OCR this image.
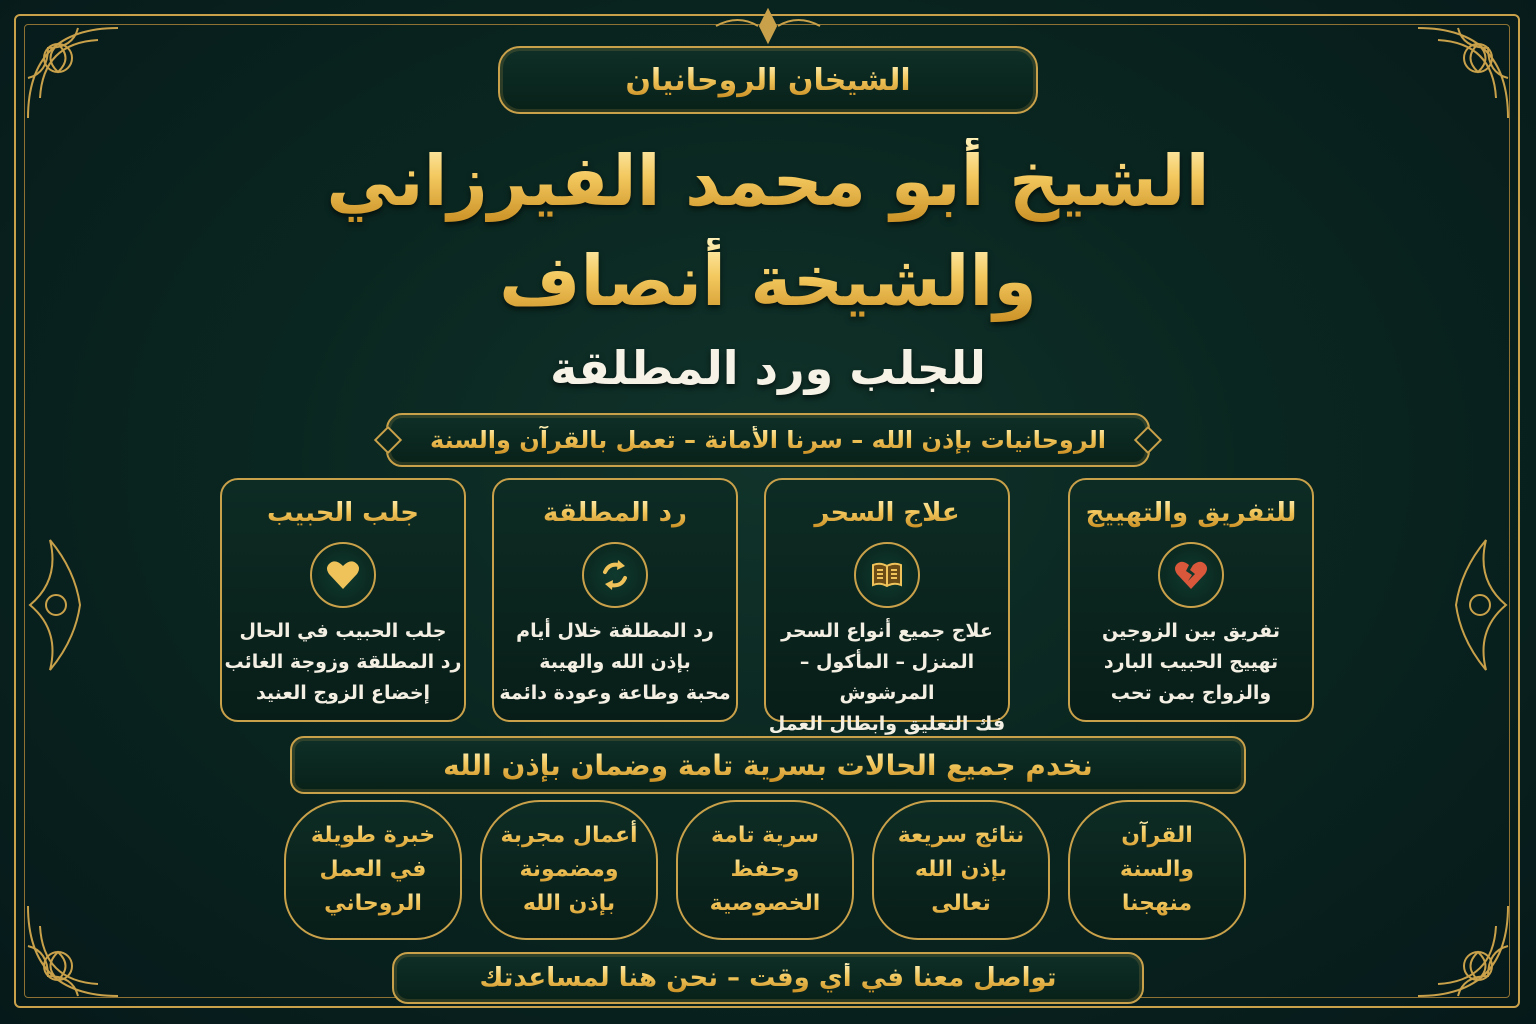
الشيخان الروحانيان
الشيخ أبو محمد الفيرزاني
والشيخة أنصاف
للجلب ورد المطلقة
الروحانيات بإذن الله – سرنا الأمانة – تعمل بالقرآن والسنة
للتفريق والتهييج
تفريق بين الزوجين
تهييج الحبيب البارد
والزواج بمن تحب
علاج السحر
علاج جميع أنواع السحر
المنزل – المأكول – المرشوش
فك التعليق وابطال العمل
رد المطلقة
رد المطلقة خلال أيام
بإذن الله والهيبة
محبة وطاعة وعودة دائمة
جلب الحبيب
جلب الحبيب في الحال
رد المطلقة وزوجة الغائب
إخضاع الزوج العنيد
نخدم جميع الحالات بسرية تامة وضمان بإذن الله
القرآن
والسنة
منهجنا
نتائج سريعة
بإذن الله
تعالى
سرية تامة
وحفظ
الخصوصية
أعمال مجربة
ومضمونة
بإذن الله
خبرة طويلة
في العمل
الروحاني
تواصل معنا في أي وقت – نحن هنا لمساعدتك
